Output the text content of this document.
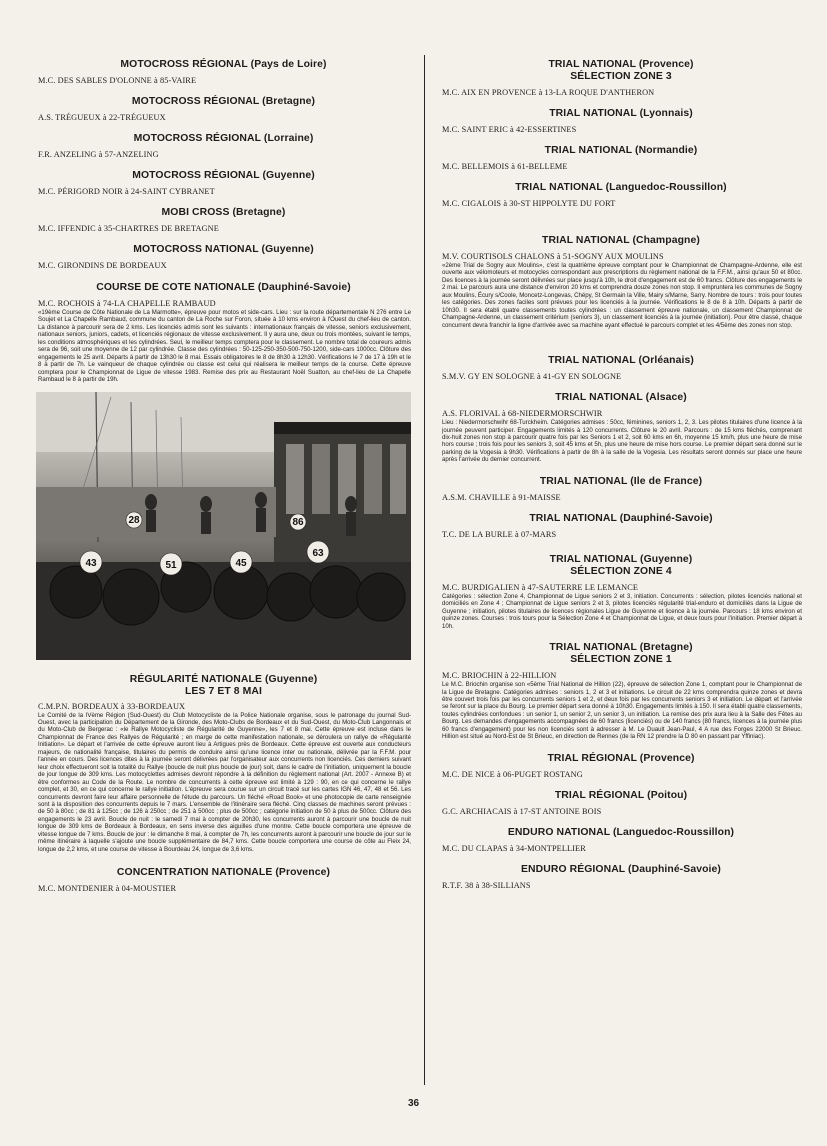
MOTOCROSS RÉGIONAL (Pays de Loire)

M.C. DES SABLES D'OLONNE à 85-VAIRE

MOTOCROSS RÉGIONAL (Bretagne)

A.S. TRÉGUEUX à 22-TRÉGUEUX

MOTOCROSS RÉGIONAL (Lorraine)

F.R. ANZELING à 57-ANZELING

MOTOCROSS RÉGIONAL (Guyenne)

M.C. PÉRIGORD NOIR à 24-SAINT CYBRANET

MOBI CROSS (Bretagne)

M.C. IFFENDIC à 35-CHARTRES DE BRETAGNE

MOTOCROSS NATIONAL (Guyenne)

M.C. GIRONDINS DE BORDEAUX

COURSE DE COTE NATIONALE (Dauphiné-Savoie)

M.C. ROCHOIS à 74-LA CHAPELLE RAMBAUD

«19ème Course de Côte Nationale de La Marmotte», épreuve pour motos et side-cars. Lieu : sur la route départementale N 276 entre Le Soujet et La Chapelle Rambaud, commune du canton de La Roche sur Foron, située à 10 kms environ à l'Ouest du chef-lieu de canton. La distance à parcourir sera de 2 kms. Les licenciés admis sont les suivants : internationaux français de vitesse, seniors exclusivement, nationaux seniors, juniors, cadets, et licenciés régionaux de vitesse exclusivement. Il y aura une, deux ou trois montées, suivant le temps, les conditions atmosphériques et les cylindrées. Seul, le meilleur temps comptera pour le classement. Le nombre total de coureurs admis sera de 96, soit une moyenne de 12 par cylindrée. Classe des cylindrées : 50-125-250-350-500-750-1200, side-cars 1000cc. Clôture des engagements le 25 avril. Départs à partir de 13h30 le 8 mai. Essais obligatoires le 8 de 8h30 à 12h30. Vérifications le 7 de 17 à 19h et le 8 à partir de 7h. Le vainqueur de chaque cylindrée ou classe est celui qui réalisera le meilleur temps de la course. Cette épreuve comptera pour le Championnat de Ligue de vitesse 1983. Remise des prix au Restaurant Noël Suatton, au chef-lieu de La Chapelle Rambaud le 8 à partir de 19h.

28
51	45
63
43
86

RÉGULARITÉ NATIONALE (Guyenne)

LES 7 ET 8 MAI

C.M.P.N. BORDEAUX à 33-BORDEAUX

Le Comité de la IVème Région (Sud-Ouest) du Club Motocycliste de la Police Nationale organise, sous le patronage du journal Sud-Ouest, avec la participation du Département de la Gironde, des Moto-Clubs de Bordeaux et du Sud-Ouest, du Moto-Club Langonnais et du Moto-Club de Bergerac : «le Rallye Motocycliste de Régularité de Guyenne», les 7 et 8 mai. Cette épreuve est incluse dans le Championnat de France des Rallyes de Régularité ; en marge de cette manifestation nationale, se déroulera un rallye de «Régularité Initiation». Le départ et l'arrivée de cette épreuve auront lieu à Artigues près de Bordeaux. Cette épreuve est ouverte aux conducteurs majeurs, de nationalité française, titulaires du permis de conduire ainsi qu'une licence inter ou nationale, délivrée par la F.F.M. pour l'année en cours. Des licences dites à la journée seront délivrées par l'organisateur aux concurrents non licenciés. Ces derniers suivant leur choix effectueront soit la totalité du Rallye (boucle de nuit plus boucle de jour) soit, dans le cadre de l'initiation, uniquement la boucle de jour longue de 309 kms. Les motocyclettes admises devront répondre à la définition du règlement national (Art. 2007 - Annexe B) et être conformes au Code de la Route. Le nombre de concurrents à cette épreuve est limité à 129 : 90, en ce qui concerne le rallye complet, et 30, en ce qui concerne le rallye initiation. L'épreuve sera courue sur un circuit tracé sur les cartes IGN 46, 47, 48 et 56. Les concurrents devront faire leur affaire personnelle de l'étude du parcours. Un fléché «Road Book» et une photocopie de carte renseignée sont à la disposition des concurrents depuis le 7 mars. L'ensemble de l'itinéraire sera fléché. Cinq classes de machines seront prévues : de 50 à 80cc ; de 81 à 125cc ; de 126 à 250cc ; de 251 à 500cc ; plus de 500cc ; catégorie initiation de 50 à plus de 500cc. Clôture des engagements le 23 avril. Boucle de nuit : le samedi 7 mai à compter de 20h30, les concurrents auront à parcourir une boucle de nuit longue de 309 kms de Bordeaux à Bordeaux, en sens inverse des aiguilles d'une montre. Cette boucle comportera une épreuve de vitesse longue de 7 kms. Boucle de jour : le dimanche 8 mai, à compter de 7h, les concurrents auront à parcourir une boucle de jour sur le même itinéraire à laquelle s'ajoute une boucle supplémentaire de 84,7 kms. Cette boucle comportera une course de côte au Fleix 24, longue de 2,2 kms, et une course de vitesse à Bourdeau 24, longue de 3,6 kms.

CONCENTRATION NATIONALE (Provence)

M.C. MONTDENIER à 04-MOUSTIER

TRIAL NATIONAL (Provence)

SÉLECTION ZONE 3

M.C. AIX EN PROVENCE à 13-LA ROQUE D'ANTHERON

TRIAL NATIONAL (Lyonnais)

M.C. SAINT ERIC à 42-ESSERTINES

TRIAL NATIONAL (Normandie)

M.C. BELLEMOIS à 61-BELLEME

TRIAL NATIONAL (Languedoc-Roussillon)

M.C. CIGALOIS à 30-ST HIPPOLYTE DU FORT

TRIAL NATIONAL (Champagne)

M.V. COURTISOLS CHALONS à 51-SOGNY AUX MOULINS

«2ème Trial de Sogny aux Moulins», c'est la quatrième épreuve comptant pour le Championnat de Champagne-Ardenne, elle est ouverte aux vélomoteurs et motocycles correspondant aux prescriptions du règlement national de la F.F.M., ainsi qu'aux 50 et 80cc. Des licences à la journée seront délivrées sur place jusqu'à 10h, le droit d'engagement est de 60 francs. Clôture des engagements le 2 mai. Le parcours aura une distance d'environ 20 kms et comprendra douze zones non stop. Il empruntera les communes de Sogny aux Moulins, Écury s/Coole, Moncetz-Longevas, Chépy, St Germain la Ville, Mairy s/Marne, Sarry. Nombre de tours : trois pour toutes les catégories. Des zones faciles sont prévues pour les licenciés à la journée. Vérifications le 8 de 8 à 10h. Départs à partir de 10h30. Il sera établi quatre classements toutes cylindrées : un classement épreuve nationale, un classement Championnat de Champagne-Ardenne, un classement critérium (seniors 3), un classement licenciés à la journée (initiation). Pour être classé, chaque concurrent devra franchir la ligne d'arrivée avec sa machine ayant effectué le parcours complet et les 4/5ème des zones non stop.

TRIAL NATIONAL (Orléanais)

S.M.V. GY EN SOLOGNE à 41-GY EN SOLOGNE

TRIAL NATIONAL (Alsace)

A.S. FLORIVAL à 68-NIEDERMORSCHWIR

Lieu : Niedermorschwihr 68-Turckheim. Catégories admises : 50cc, féminines, seniors 1, 2, 3. Les pilotes titulaires d'une licence à la journée peuvent participer. Engagements limités à 120 concurrents. Clôture le 20 avril. Parcours : de 15 kms fléchés, comprenant dix-huit zones non stop à parcourir quatre fois par les Seniors 1 et 2, soit 60 kms en 6h, moyenne 15 km/h, plus une heure de mise hors course ; trois fois pour les seniors 3, soit 45 kms et 5h, plus une heure de mise hors course. Le premier départ sera donné sur le parking de la Vogesia à 9h30. Vérifications à partir de 8h à la salle de la Vogesia. Les résultats seront donnés sur place une heure après l'arrivée du dernier concurrent.

TRIAL NATIONAL (Ile de France)

A.S.M. CHAVILLE à 91-MAISSE

TRIAL NATIONAL (Dauphiné-Savoie)

T.C. DE LA BURLE à 07-MARS

TRIAL NATIONAL (Guyenne)

SÉLECTION ZONE 4

M.C. BURDIGALIEN à 47-SAUTERRE LE LEMANCE

Catégories : sélection Zone 4, Championnat de Ligue seniors 2 et 3, initiation. Concurrents : sélection, pilotes licenciés national et domiciliés en Zone 4 ; Championnat de Ligue seniors 2 et 3, pilotes licenciés régularité trial-enduro et domiciliés dans la Ligue de Guyenne ; initiation, pilotes titulaires de licences régionales Ligue de Guyenne et licence à la journée. Parcours : 18 kms environ et quinze zones. Courses : trois tours pour la Sélection Zone 4 et Championnat de Ligue, et deux tours pour l'initiation. Premier départ à 10h.

TRIAL NATIONAL (Bretagne)

SÉLECTION ZONE 1

M.C. BRIOCHIN à 22-HILLION

Le M.C. Briochin organise son «5ème Trial National de Hillion (22), épreuve de sélection Zone 1, comptant pour le Championnat de la Ligue de Bretagne. Catégories admises : seniors 1, 2 et 3 et initiations. Le circuit de 22 kms comprendra quinze zones et devra être couvert trois fois par les concurrents seniors 1 et 2, et deux fois par les concurrents seniors 3 et initiation. Le départ et l'arrivée se feront sur la place du Bourg. Le premier départ sera donné à 10h30. Engagements limités à 150. Il sera établi quatre classements, toutes cylindrées confondues : un senior 1, un senior 2, un senior 3, un initiation. La remise des prix aura lieu à la Salle des Fêtes au Bourg. Les demandes d'engagements accompagnées de 60 francs (licenciés) ou de 140 francs (80 francs, licences à la journée plus 60 francs d'engagement) pour les non licenciés sont à adresser à M. Le Duault Jean-Paul, 4 A rue des Forges 22000 St Brieuc. Hillion est situé au Nord-Est de St Brieuc, en direction de Rennes (de la RN 12 prendre la D 80 en passant par Yffiniac).

TRIAL RÉGIONAL (Provence)

M.C. DE NICE à 06-PUGET ROSTANG

TRIAL RÉGIONAL (Poitou)

G.C. ARCHIACAIS à 17-ST ANTOINE BOIS

ENDURO NATIONAL (Languedoc-Roussillon)

M.C. DU CLAPAS à 34-MONTPELLIER

ENDURO RÉGIONAL (Dauphiné-Savoie)

R.T.F. 38 à 38-SILLIANS

36
